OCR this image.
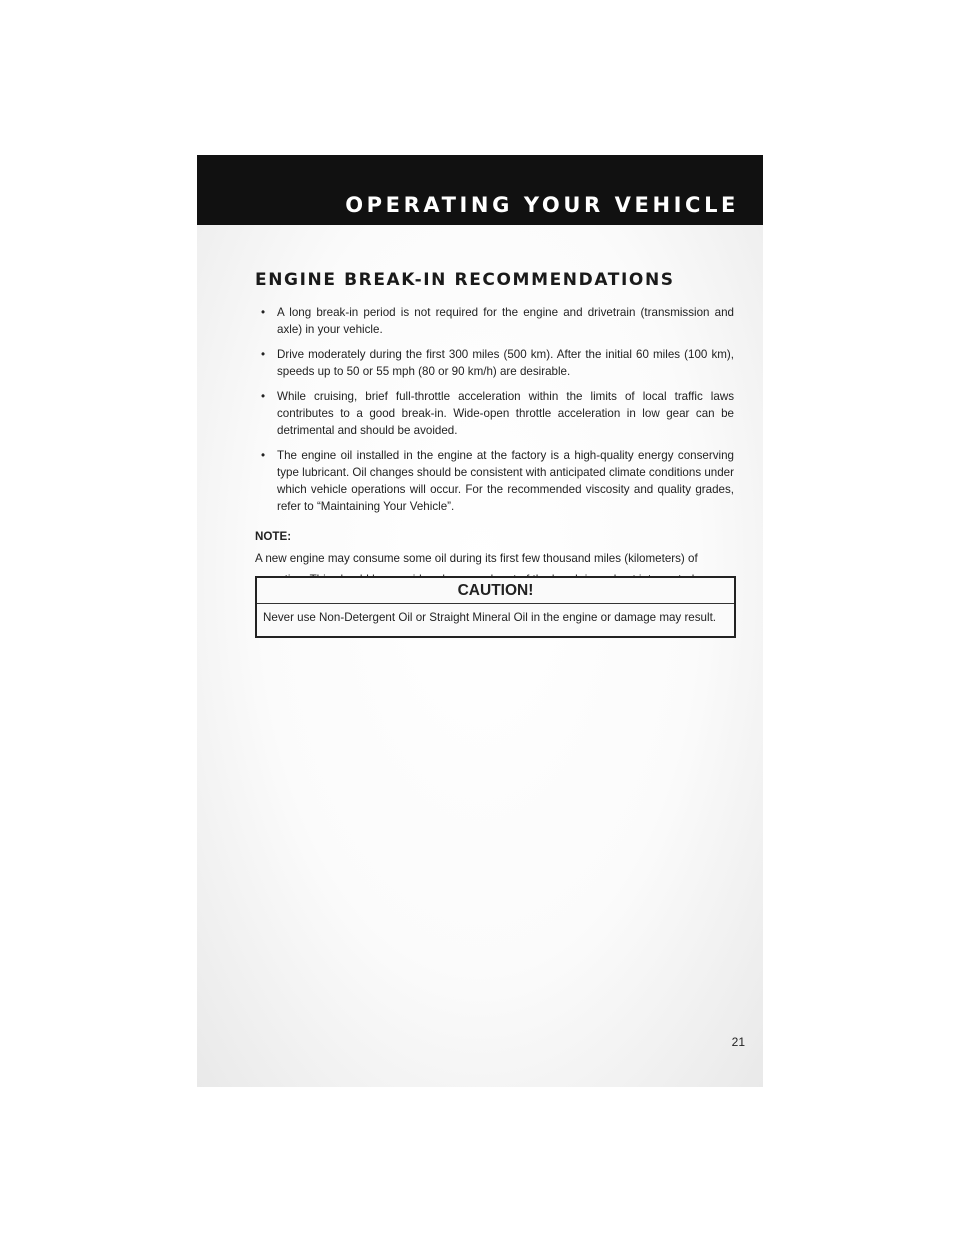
OPERATING YOUR VEHICLE
ENGINE BREAK-IN RECOMMENDATIONS
• A long break-in period is not required for the engine and drivetrain (transmission and axle) in your vehicle.
• Drive moderately during the first 300 miles (500 km). After the initial 60 miles (100 km), speeds up to 50 or 55 mph (80 or 90 km/h) are desirable.
• While cruising, brief full-throttle acceleration within the limits of local traffic laws contributes to a good break-in. Wide-open throttle acceleration in low gear can be detrimental and should be avoided.
• The engine oil installed in the engine at the factory is a high-quality energy conserving type lubricant. Oil changes should be consistent with anticipated climate conditions under which vehicle operations will occur. For the recommended viscosity and quality grades, refer to “Maintaining Your Vehicle”.
NOTE:
A new engine may consume some oil during its first few thousand miles (kilometers) of
CAUTION!
Never use Non-Detergent Oil or Straight Mineral Oil in the engine or damage may result.
21
